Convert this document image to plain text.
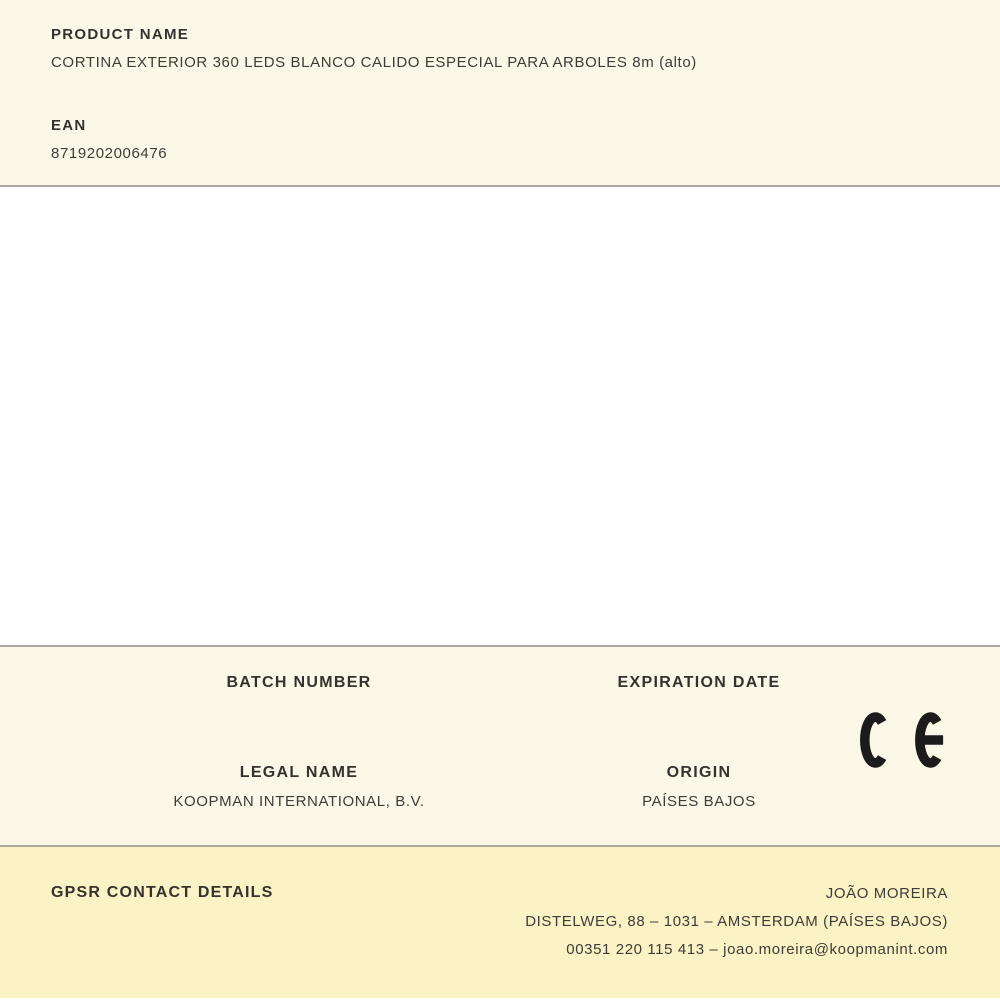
PRODUCT NAME
CORTINA EXTERIOR 360 LEDS BLANCO CALIDO ESPECIAL PARA ARBOLES 8m (alto)
EAN
8719202006476
BATCH NUMBER
LEGAL NAME
KOOPMAN INTERNATIONAL, B.V.
EXPIRATION DATE
ORIGIN
PAÍSES BAJOS
GPSR CONTACT DETAILS	JOÃO MOREIRA
DISTELWEG, 88 – 1031 – AMSTERDAM (PAÍSES BAJOS)
00351 220 115 413 – joao.moreira@koopmanint.com
